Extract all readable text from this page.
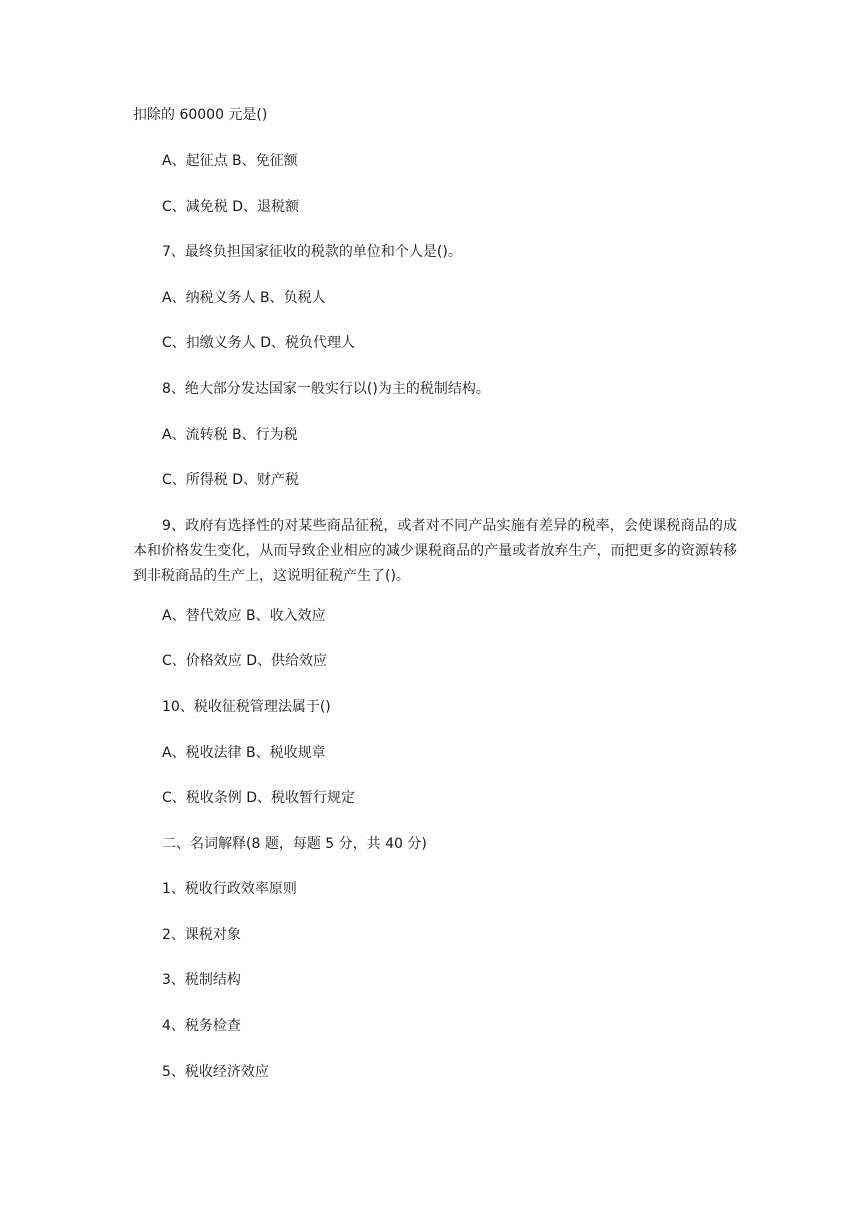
扣除的 60000 元是()

A、起征点 B、免征额

C、减免税 D、退税额

7、最终负担国家征收的税款的单位和个人是()。

A、纳税义务人 B、负税人

C、扣缴义务人 D、税负代理人

8、绝大部分发达国家一般实行以()为主的税制结构。

A、流转税 B、行为税

C、所得税 D、财产税

9、政府有选择性的对某些商品征税，或者对不同产品实施有差异的税率，会使课税商品的成本和价格发生变化，从而导致企业相应的减少课税商品的产量或者放弃生产，而把更多的资源转移到非税商品的生产上，这说明征税产生了()。

A、替代效应 B、收入效应

C、价格效应 D、供给效应

10、税收征税管理法属于()

A、税收法律 B、税收规章

C、税收条例 D、税收暂行规定

二、名词解释(8 题，每题 5 分，共 40 分)

1、税收行政效率原则

2、课税对象

3、税制结构

4、税务检查

5、税收经济效应
